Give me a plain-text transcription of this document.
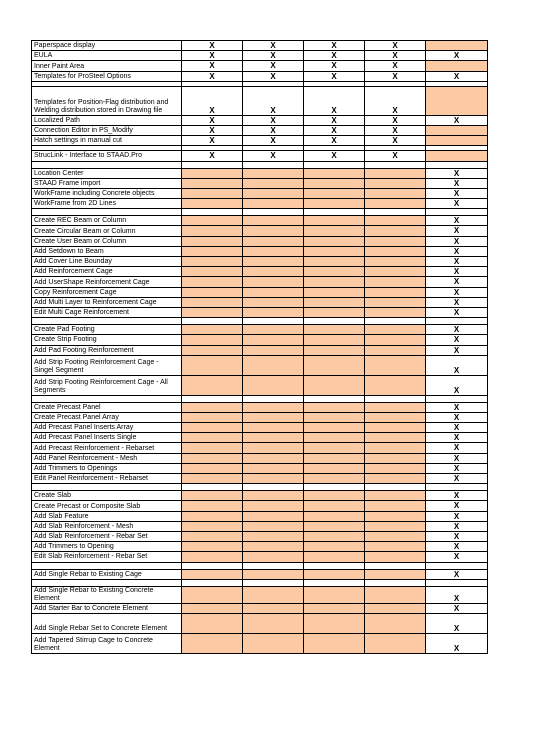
Paperspace display	X	X	X	X	
EULA	X	X	X	X	X
Inner Paint Area	X	X	X	X	
Templates for ProSteel Options	X	X	X	X	X

Templates for Position-Flag distribution and Welding distribution stored in Drawing file	X	X	X	X	
Localized Path	X	X	X	X	X
Connection Editor in PS_Modify	X	X	X	X	
Hatch settings in manual cut	X	X	X	X	

StrucLink - Interface to STAAD.Pro	X	X	X	X	

Location Center					X
STAAD Frame import					X
WorkFrame including Concrete objects					X
WorkFrame from 2D Lines					X

Create REC Beam or Column					X
Create Circular Beam or Column					X
Create User Beam or Column					X
Add Setdown to Beam					X
Add Cover Line Bounday					X
Add Reinforcement Cage					X
Add UserShape Reinforcement Cage					X
Copy Reinforcement Cage					X
Add Multi Layer to Reinforcement Cage					X
Edit Multi Cage Reinforcement					X

Create Pad Footing					X
Create Strip Footing					X
Add Pad Footing Reinforcement					X
Add Strip Footing Reinforcement Cage - Singel Segment					X
Add Strip Footing Reinforcement Cage - All Segments					X

Create Precast Panel					X
Create Precast Panel Array					X
Add Precast Panel Inserts Array					X
Add Precast Panel Inserts Single					X
Add Precast Reinforcement - Rebarset					X
Add Panel Reinforcement - Mesh					X
Add Trimmers to Openings					X
Edit Panel Reinforcement - Rebarset					X

Create Slab					X
Create Precast or Composite Slab					X
Add Slab Feature					X
Add Slab Reinforcement - Mesh					X
Add Slab Reinforcement - Rebar Set					X
Add Trimmers to Opening					X
Edit Slab Reinforcement - Rebar Set					X

Add Single Rebar to Existing Cage					X

Add Single Rebar to Existing Concrete Element					X
Add Starter Bar to Concrete Element					X
Add Single Rebar Set to Concrete Element					X
Add Tapered Stirrup Cage to Concrete Element					X
